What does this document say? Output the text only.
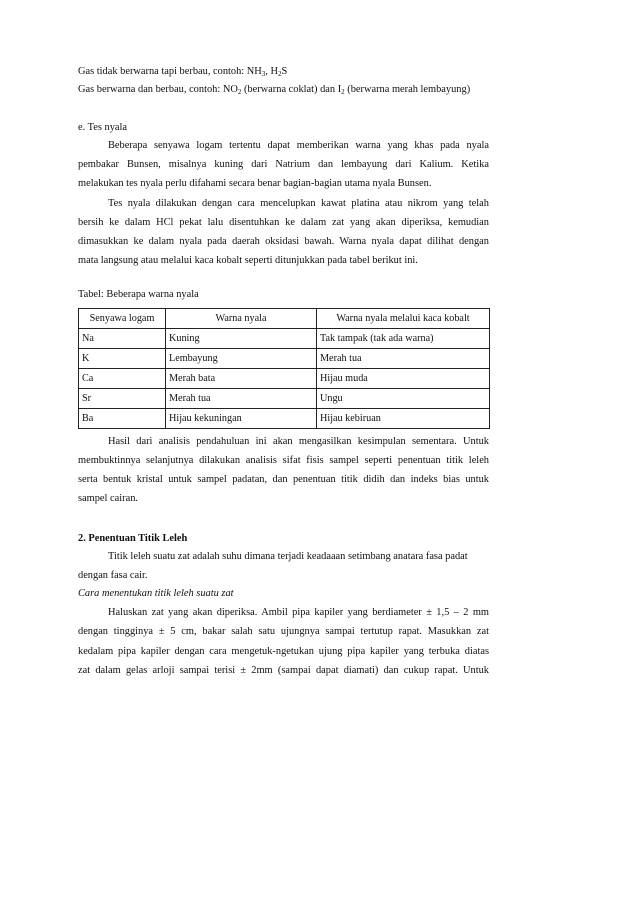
Gas tidak berwarna tapi berbau, contoh: $NH_3$, $H_2S$
Gas berwarna dan berbau, contoh: $NO_2$ (berwarna coklat) dan $I_2$ (berwarna merah lembayung)
e. Tes nyala
Beberapa senyawa logam tertentu dapat memberikan warna yang khas pada nyala
pembakar Bunsen, misalnya kuning dari Natrium dan lembayung dari Kalium. Ketika
melakukan tes nyala perlu difahami secara benar bagian-bagian utama nyala Bunsen.
Tes nyala dilakukan dengan cara mencelupkan kawat platina atau nikrom yang telah
bersih ke dalam HCl pekat lalu disentuhkan ke dalam zat yang akan diperiksa, kemudian
dimasukkan ke dalam nyala pada daerah oksidasi bawah. Warna nyala dapat dilihat dengan
mata langsung atau melalui kaca kobalt seperti ditunjukkan pada tabel berikut ini.
Tabel: Beberapa warna nyala
Senyawa logam	Warna nyala	Warna nyala melalui kaca kobalt
Na	Kuning	Tak tampak (tak ada warna)
K	Lembayung	Merah tua
Ca	Merah bata	Hijau muda
Sr	Merah tua	Ungu
Ba	Hijau kekuningan	Hijau kebiruan
Hasil dari analisis pendahuluan ini akan mengasilkan kesimpulan sementara. Untuk
membuktinnya selanjutnya dilakukan analisis sifat fisis sampel seperti penentuan titik leleh
serta bentuk kristal untuk sampel padatan, dan penentuan titik didih dan indeks bias untuk
sampel cairan.
2. Penentuan Titik Leleh
Titik leleh suatu zat adalah suhu dimana terjadi keadaaan setimbang anatara fasa padat
dengan fasa cair.
Cara menentukan titik leleh suatu zat
Haluskan zat yang akan diperiksa. Ambil pipa kapiler yang berdiameter ± 1,5 – 2 mm
dengan tingginya ± 5 cm, bakar salah satu ujungnya sampai tertutup rapat. Masukkan zat
kedalam pipa kapiler dengan cara mengetuk-ngetukan ujung pipa kapiler yang terbuka diatas
zat dalam gelas arloji sampai terisi ± 2mm (sampai dapat diamati) dan cukup rapat. Untuk
